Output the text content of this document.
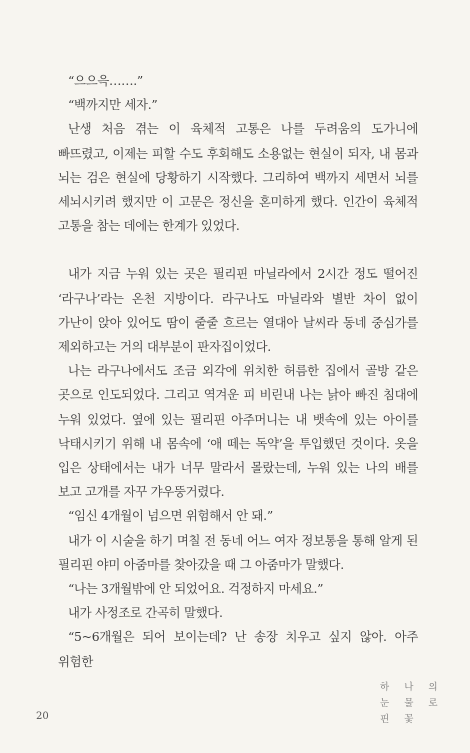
“으으윽…….”

“백까지만 세자.”

난생 처음 겪는 이 육체적 고통은 나를 두려움의 도가니에 빠뜨렸고, 이제는 피할 수도 후회해도 소용없는 현실이 되자, 내 몸과 뇌는 검은 현실에 당황하기 시작했다. 그리하여 백까지 세면서 뇌를 세뇌시키려 했지만 이 고문은 정신을 혼미하게 했다. 인간이 육체적 고통을 참는 데에는 한계가 있었다.

내가 지금 누워 있는 곳은 필리핀 마닐라에서 2시간 정도 떨어진 ‘라구나’라는 온천 지방이다. 라구나도 마닐라와 별반 차이 없이 가난이 앉아 있어도 땀이 줄줄 흐르는 열대아 날씨라 동네 중심가를 제외하고는 거의 대부분이 판자집이었다.

나는 라구나에서도 조금 외각에 위치한 허름한 집에서 골방 같은 곳으로 인도되었다. 그리고 역겨운 피 비린내 나는 낡아 빠진 침대에 누워 있었다. 옆에 있는 필리핀 아주머니는 내 뱃속에 있는 아이를 낙태시키기 위해 내 몸속에 ‘애 떼는 독약’을 투입했던 것이다. 옷을 입은 상태에서는 내가 너무 말라서 몰랐는데, 누워 있는 나의 배를 보고 고개를 자꾸 갸우뚱거렸다.

“임신 4개월이 넘으면 위험해서 안 돼.”

내가 이 시술을 하기 며칠 전 동네 어느 여자 정보통을 통해 알게 된 필리핀 야미 아줌마를 찾아갔을 때 그 아줌마가 말했다.

“나는 3개월밖에 안 되었어요. 걱정하지 마세요.”

내가 사정조로 간곡히 말했다.

“5~6개월은 되어 보이는데? 난 송장 치우고 싶지 않아. 아주 위험한

20
하 나 의
눈 물 로
핀 꽃
